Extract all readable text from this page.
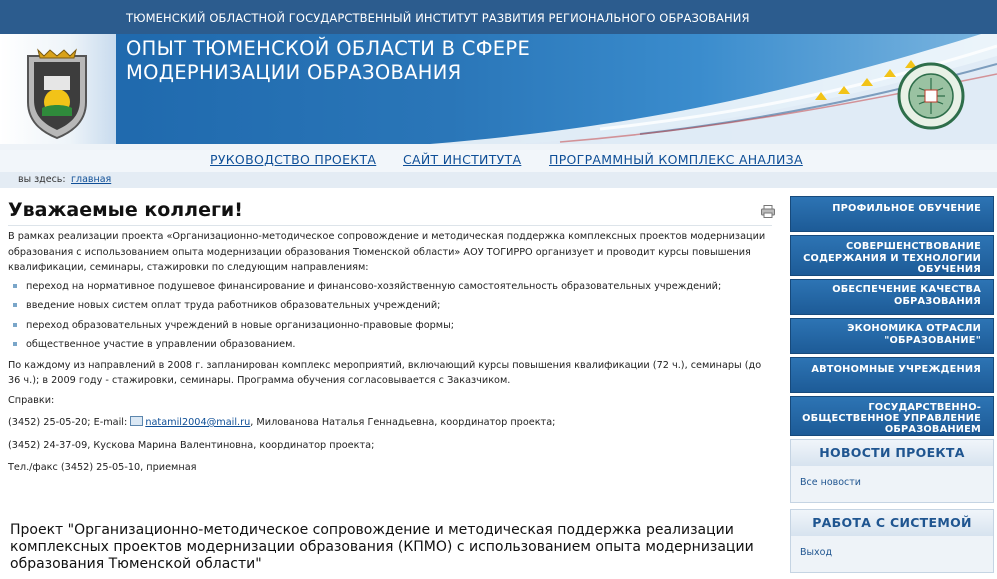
ТЮМЕНСКИЙ ОБЛАСТНОЙ ГОСУДАРСТВЕННЫЙ ИНСТИТУТ РАЗВИТИЯ РЕГИОНАЛЬНОГО ОБРАЗОВАНИЯ
ОПЫТ ТЮМЕНСКОЙ ОБЛАСТИ В СФЕРЕ
МОДЕРНИЗАЦИИ ОБРАЗОВАНИЯ
РУКОВОДСТВО ПРОЕКТА САЙТ ИНСТИТУТА ПРОГРАММНЫЙ КОМПЛЕКС АНАЛИЗА
вы здесь: главная
Уважаемые коллеги!

В рамках реализации проекта «Организационно-методическое сопровождение и методическая поддержка комплексных проектов модернизации образования с использованием опыта модернизации образования Тюменской области» АОУ ТОГИРРО организует и проводит курсы повышения квалификации, семинары, стажировки по следующим направлениям:

переход на нормативное подушевое финансирование и финансово-хозяйственную самостоятельность образовательных учреждений;
введение новых систем оплат труда работников образовательных учреждений;
переход образовательных учреждений в новые организационно-правовые формы;
общественное участие в управлении образованием.

По каждому из направлений в 2008 г. запланирован комплекс мероприятий, включающий курсы повышения квалификации (72 ч.), семинары (до 36 ч.); в 2009 году - стажировки, семинары. Программа обучения согласовывается с Заказчиком.

Справки:

(3452) 25-05-20; E-mail: natamil2004@mail.ru, Милованова Наталья Геннадьевна, координатор проекта;

(3452) 24-37-09, Кускова Марина Валентиновна, координатор проекта;

Тел./факс (3452) 25-05-10, приемная

Проект "Организационно-методическое сопровождение и методическая поддержка реализации комплексных проектов модернизации образования (КПМО) с использованием опыта модернизации образования Тюменской области"
ПРОФИЛЬНОЕ ОБУЧЕНИЕ
СОВЕРШЕНСТВОВАНИЕ
СОДЕРЖАНИЯ И ТЕХНОЛОГИИ
ОБУЧЕНИЯ
ОБЕСПЕЧЕНИЕ КАЧЕСТВА
ОБРАЗОВАНИЯ
ЭКОНОМИКА ОТРАСЛИ
"ОБРАЗОВАНИЕ"
АВТОНОМНЫЕ УЧРЕЖДЕНИЯ
ГОСУДАРСТВЕННО-
ОБЩЕСТВЕННОЕ УПРАВЛЕНИЕ
ОБРАЗОВАНИЕМ
НОВОСТИ ПРОЕКТА
Все новости
РАБОТА С СИСТЕМОЙ
Выход
